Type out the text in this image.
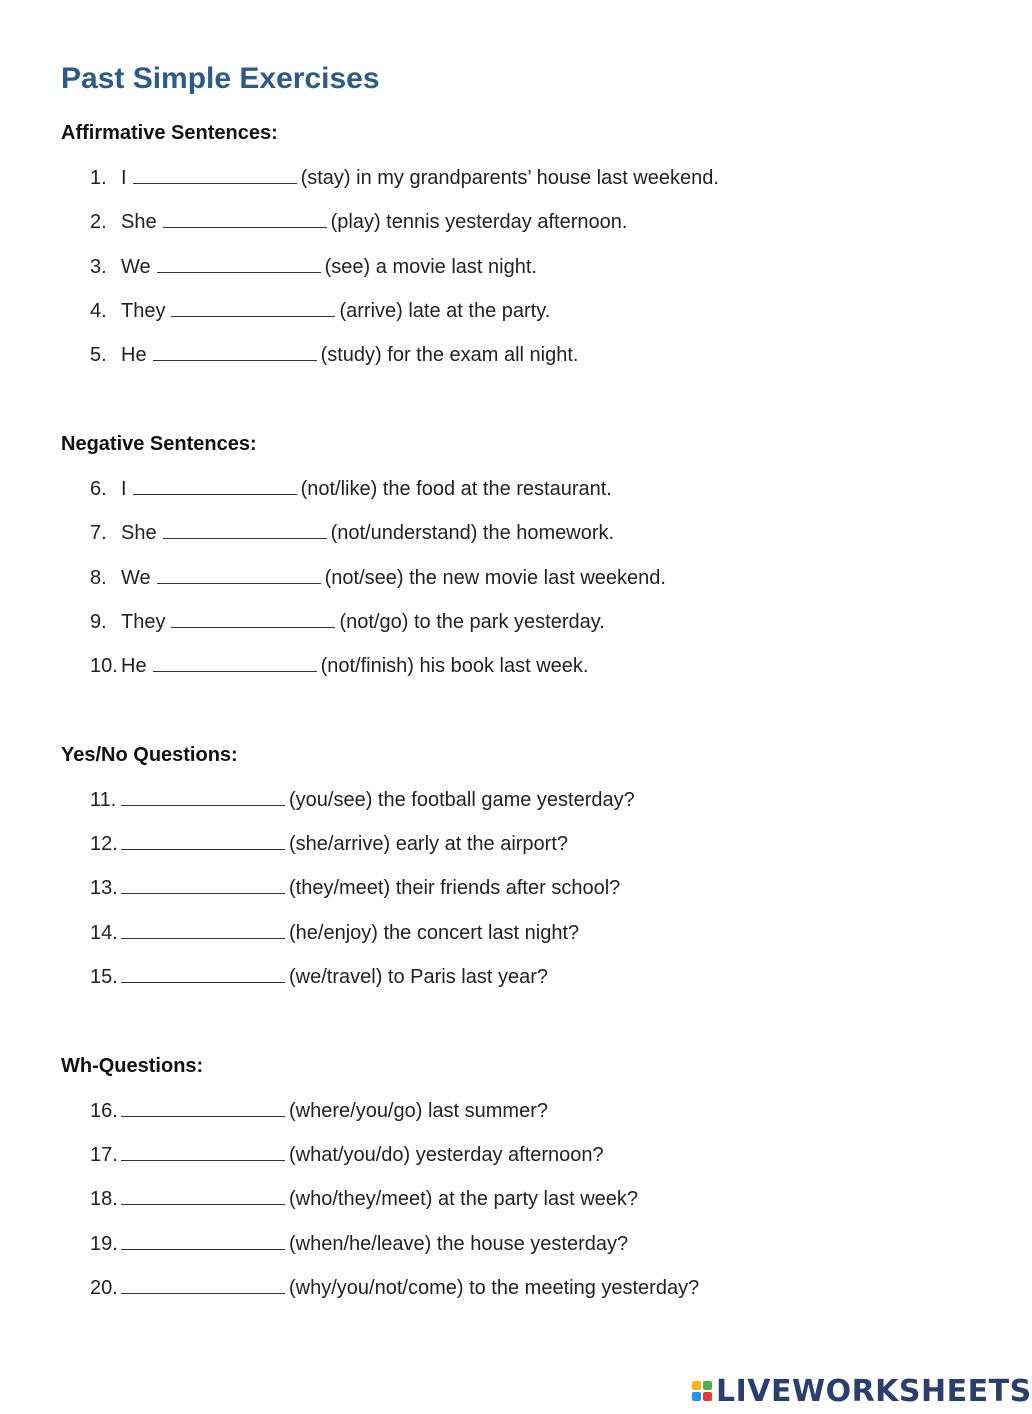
Past Simple Exercises
Affirmative Sentences:
1. I	(stay) in my grandparents’ house last weekend.
2. She	(play) tennis yesterday afternoon.
3. We	(see) a movie last night.
4. They	(arrive) late at the party.
5. He	(study) for the exam all night.
Negative Sentences:
6. I	(not/like) the food at the restaurant.
7. She	(not/understand) the homework.
8. We	(not/see) the new movie last weekend.
9. They	(not/go) to the park yesterday.
10. He	(not/finish) his book last week.
Yes/No Questions:
11.	(you/see) the football game yesterday?
12.	(she/arrive) early at the airport?
13.	(they/meet) their friends after school?
14.	(he/enjoy) the concert last night?
15.	(we/travel) to Paris last year?
Wh-Questions:
16.	(where/you/go) last summer?
17.	(what/you/do) yesterday afternoon?
18.	(who/they/meet) at the party last week?
19.	(when/he/leave) the house yesterday?
20.	(why/you/not/come) to the meeting yesterday?
LIVEWORKSHEETS
